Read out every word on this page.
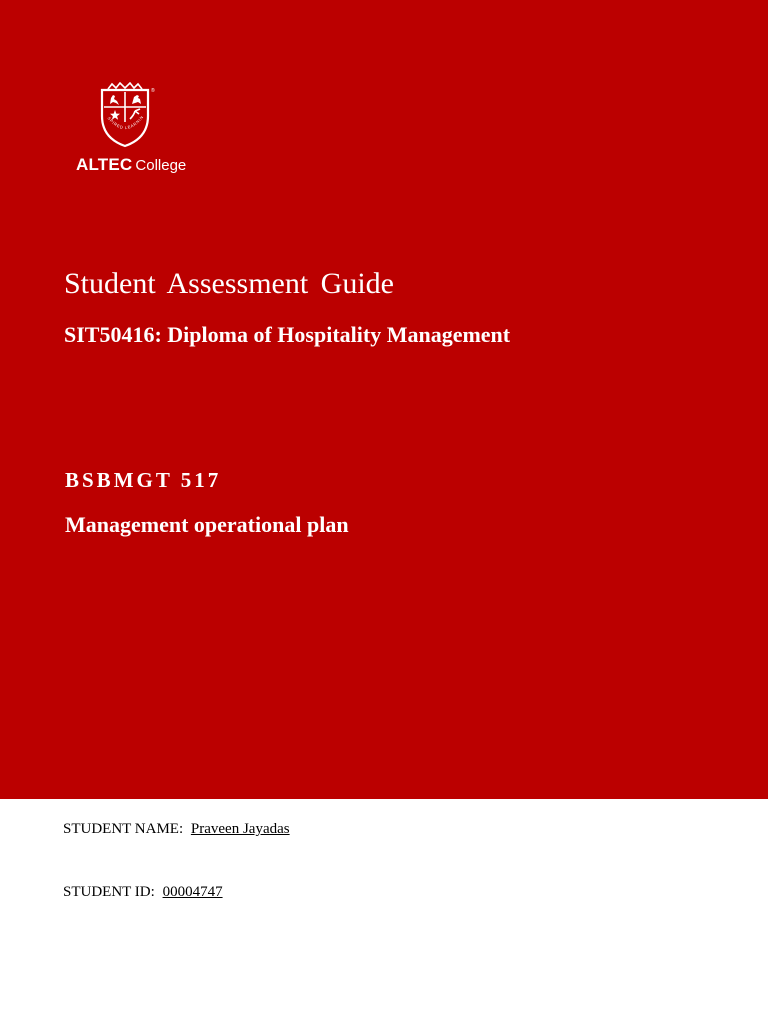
SPIRED LEARNIN
®
ALTEC College
Student Assessment Guide
SIT50416: Diploma of Hospitality Management
BSBMGT 517
Management operational plan
STUDENT NAME: Praveen Jayadas
STUDENT ID: 00004747
